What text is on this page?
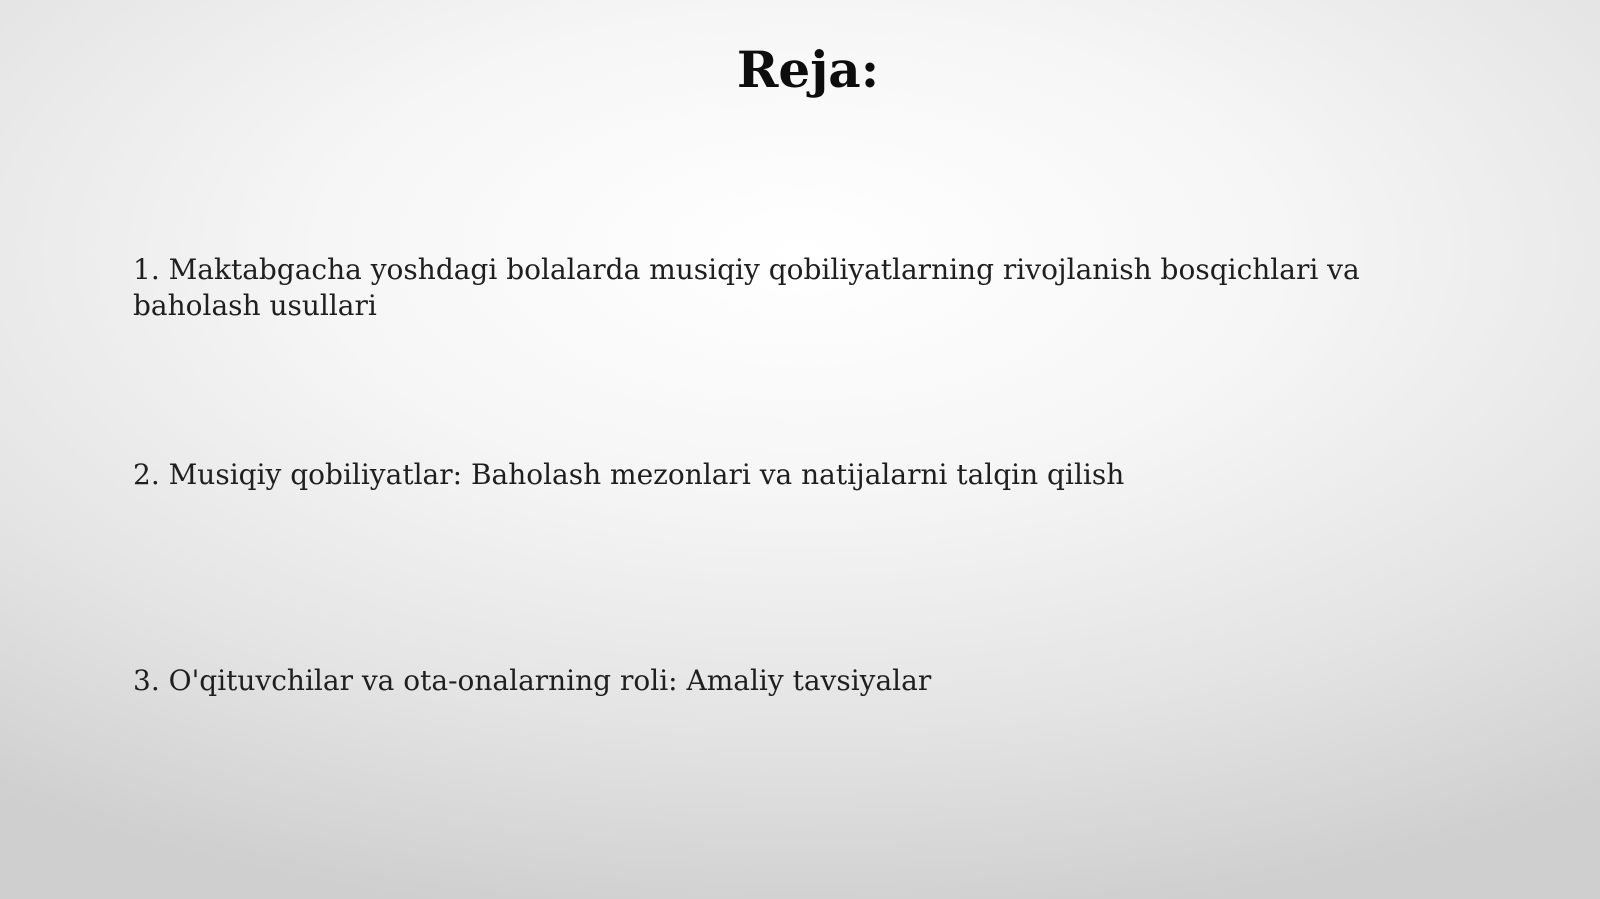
Reja:

1. Maktabgacha yoshdagi bolalarda musiqiy qobiliyatlarning rivojlanish bosqichlari va baholash usullari

2. Musiqiy qobiliyatlar: Baholash mezonlari va natijalarni talqin qilish

3. O'qituvchilar va ota-onalarning roli: Amaliy tavsiyalar
